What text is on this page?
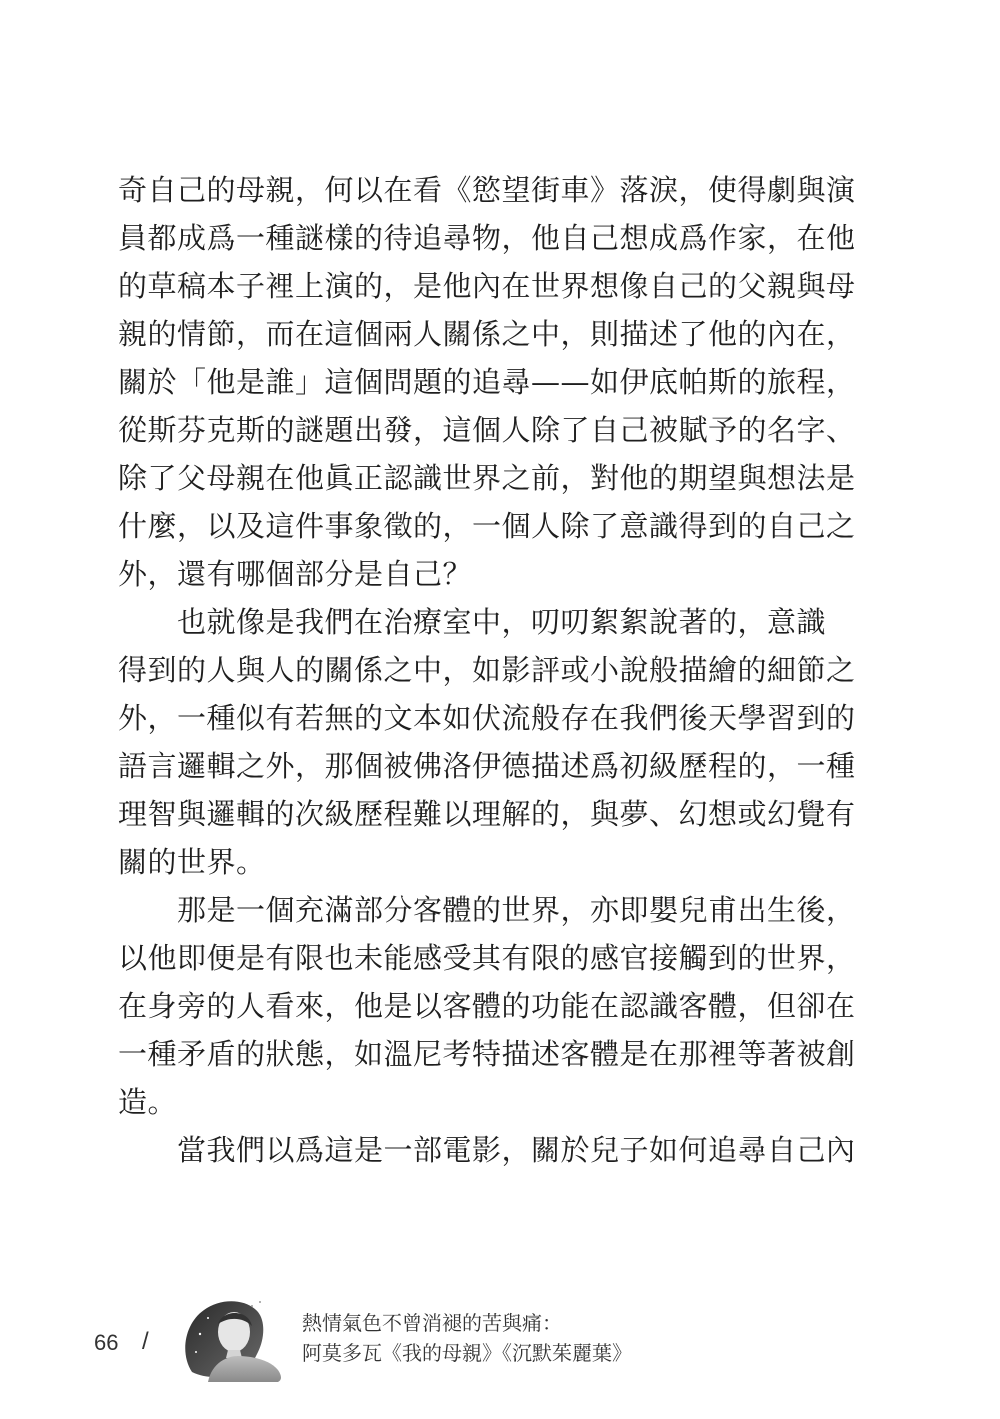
奇自己的母親，何以在看《慾望街車》落淚，使得劇與演
員都成爲一種謎樣的待追尋物，他自己想成爲作家，在他
的草稿本子裡上演的，是他內在世界想像自己的父親與母
親的情節，而在這個兩人關係之中，則描述了他的內在，
關於「他是誰」這個問題的追尋——如伊底帕斯的旅程，
從斯芬克斯的謎題出發，這個人除了自己被賦予的名字、
除了父母親在他眞正認識世界之前，對他的期望與想法是
什麼，以及這件事象徵的，一個人除了意識得到的自己之
外，還有哪個部分是自己？
　　也就像是我們在治療室中，叨叨絮絮說著的，意識
得到的人與人的關係之中，如影評或小說般描繪的細節之
外，一種似有若無的文本如伏流般存在我們後天學習到的
語言邏輯之外，那個被佛洛伊德描述爲初級歷程的，一種
理智與邏輯的次級歷程難以理解的，與夢、幻想或幻覺有
關的世界。
　　那是一個充滿部分客體的世界，亦即嬰兒甫出生後，
以他即便是有限也未能感受其有限的感官接觸到的世界，
在身旁的人看來，他是以客體的功能在認識客體，但卻在
一種矛盾的狀態，如溫尼考特描述客體是在那裡等著被創
造。
　　當我們以爲這是一部電影，關於兒子如何追尋自己內
66 /
熱情氣色不曾消褪的苦與痛：
阿莫多瓦《我的母親》《沉默茱麗葉》
